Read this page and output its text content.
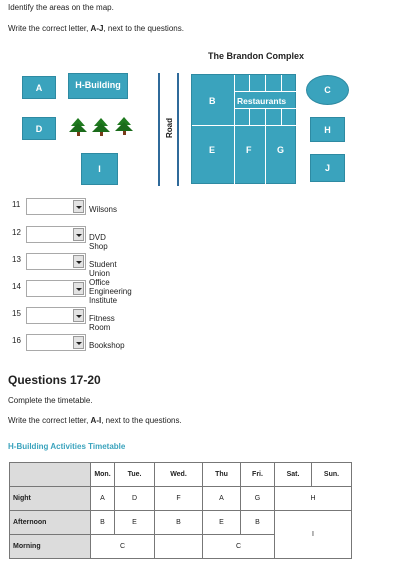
Identify the areas on the map.
Write the correct letter, A-J, next to the questions.
The Brandon Complex
A	H-Building
D
I
Road
B	Restaurants
E	F	G
C
H
J
11
Wilsons
12
DVD Shop
13
Student Union Office
14
Engineering Institute
15
Fitness Room
16
Bookshop
Questions 17-20
Complete the timetable.
Write the correct letter, A-I, next to the questions.
H-Building Activities Timetable
	Mon.	Tue.	Wed.	Thu	Fri.	Sat.	Sun.
Night	A	D	F	A	G	H	
Afternoon	B	E	B	E	B	I	
Morning	C			C			
